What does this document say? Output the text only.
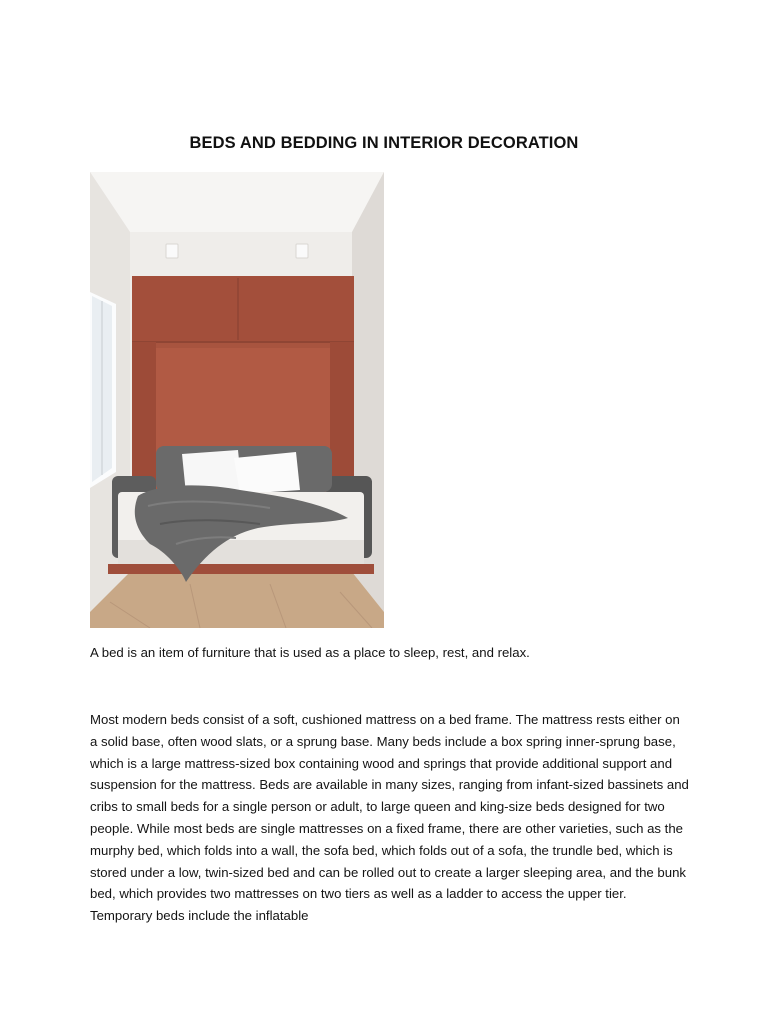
BEDS AND BEDDING IN INTERIOR DECORATION

A bed is an item of furniture that is used as a place to sleep, rest, and relax.

Most modern beds consist of a soft, cushioned mattress on a bed frame. The mattress rests either on a solid base, often wood slats, or a sprung base. Many beds include a box spring inner-sprung base, which is a large mattress-sized box containing wood and springs that provide additional support and suspension for the mattress. Beds are available in many sizes, ranging from infant-sized bassinets and cribs to small beds for a single person or adult, to large queen and king-size beds designed for two people. While most beds are single mattresses on a fixed frame, there are other varieties, such as the murphy bed, which folds into a wall, the sofa bed, which folds out of a sofa, the trundle bed, which is stored under a low, twin-sized bed and can be rolled out to create a larger sleeping area, and the bunk bed, which provides two mattresses on two tiers as well as a ladder to access the upper tier. Temporary beds include the inflatable
